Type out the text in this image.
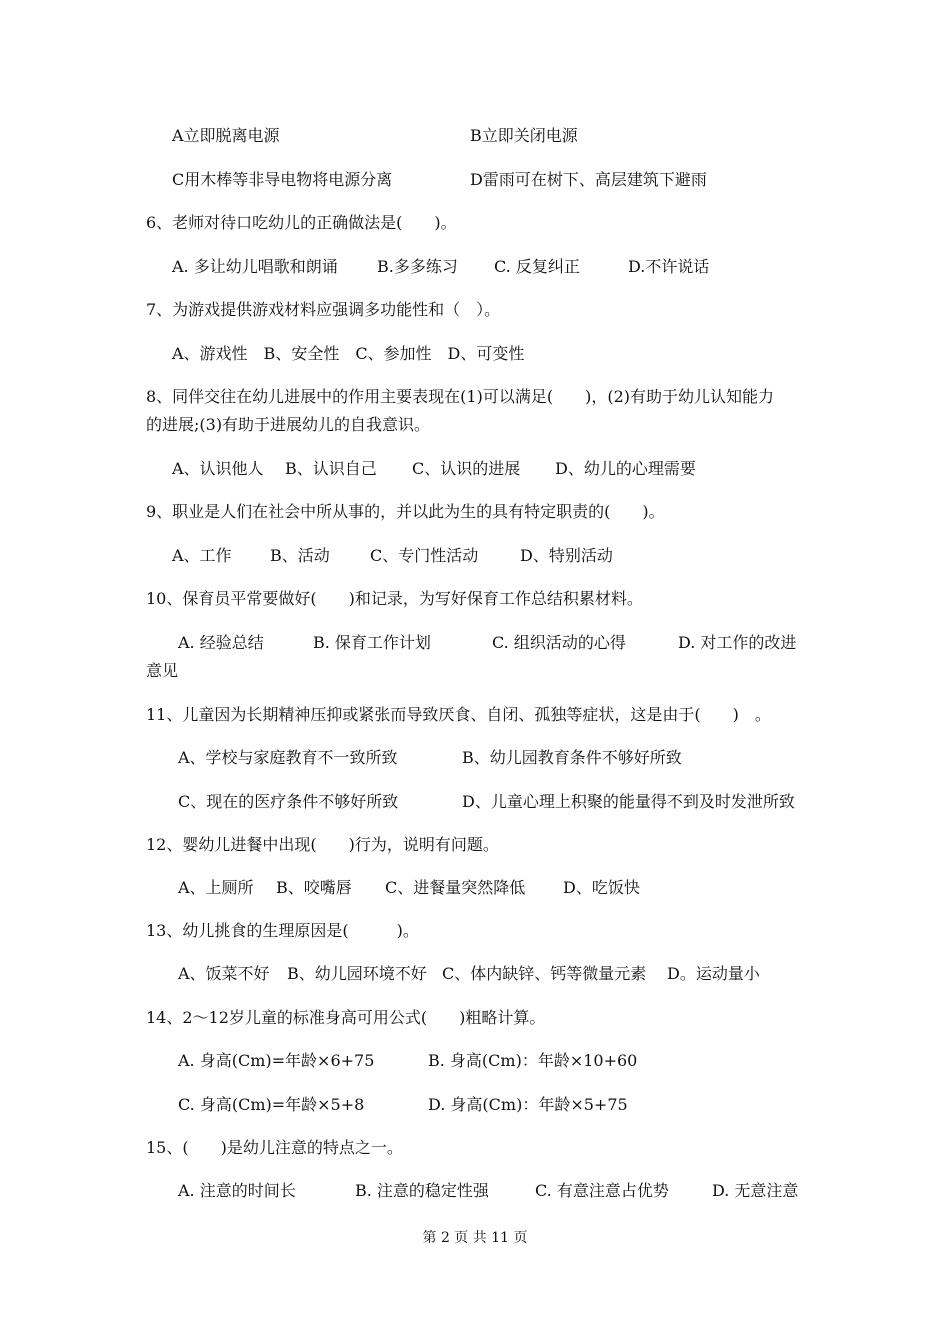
A立即脱离电源	B立即关闭电源
C用木棒等非导电物将电源分离	D雷雨可在树下、高层建筑下避雨
6、老师对待口吃幼儿的正确做法是(　　)。
A. 多让幼儿唱歌和朗诵 B.多多练习 C. 反复纠正	D.不许说话
7、为游戏提供游戏材料应强调多功能性和（　）。
A、游戏性　B、安全性　C、参加性　D、可变性
8、同伴交往在幼儿进展中的作用主要表现在(1)可以满足(　　)，(2)有助于幼儿认知能力
的进展;(3)有助于进展幼儿的自我意识。
A、认识他人 B、认识自己 C、认识的进展 D、幼儿的心理需要
9、职业是人们在社会中所从事的，并以此为生的具有特定职责的(　　)。
A、工作 B、活动	C、专门性活动	D、特别活动
10、保育员平常要做好(　　)和记录，为写好保育工作总结积累材料。
A. 经验总结	B. 保育工作计划	C. 组织活动的心得	D. 对工作的改进
意见
11、儿童因为长期精神压抑或紧张而导致厌食、自闭、孤独等症状，这是由于(　　)　。
A、学校与家庭教育不一致所致	B、幼儿园教育条件不够好所致
C、现在的医疗条件不够好所致	D、儿童心理上积聚的能量得不到及时发泄所致
12、婴幼儿进餐中出现(　　)行为，说明有问题。
A、上厕所 B、咬嘴唇 C、进餐量突然降低 D、吃饭快
13、幼儿挑食的生理原因是(　　　)。
A、饭菜不好 B、幼儿园环境不好 C、体内缺锌、钙等微量元素 D。运动量小
14、2～12岁儿童的标准身高可用公式(　　)粗略计算。
A. 身高(Cm)=年龄×6+75	B. 身高(Cm)：年龄×10+60
C. 身高(Cm)=年龄×5+8	D. 身高(Cm)：年龄×5+75
15、(　　)是幼儿注意的特点之一。
A. 注意的时间长	B. 注意的稳定性强	C. 有意注意占优势	D. 无意注意
第 2 页 共 11 页
